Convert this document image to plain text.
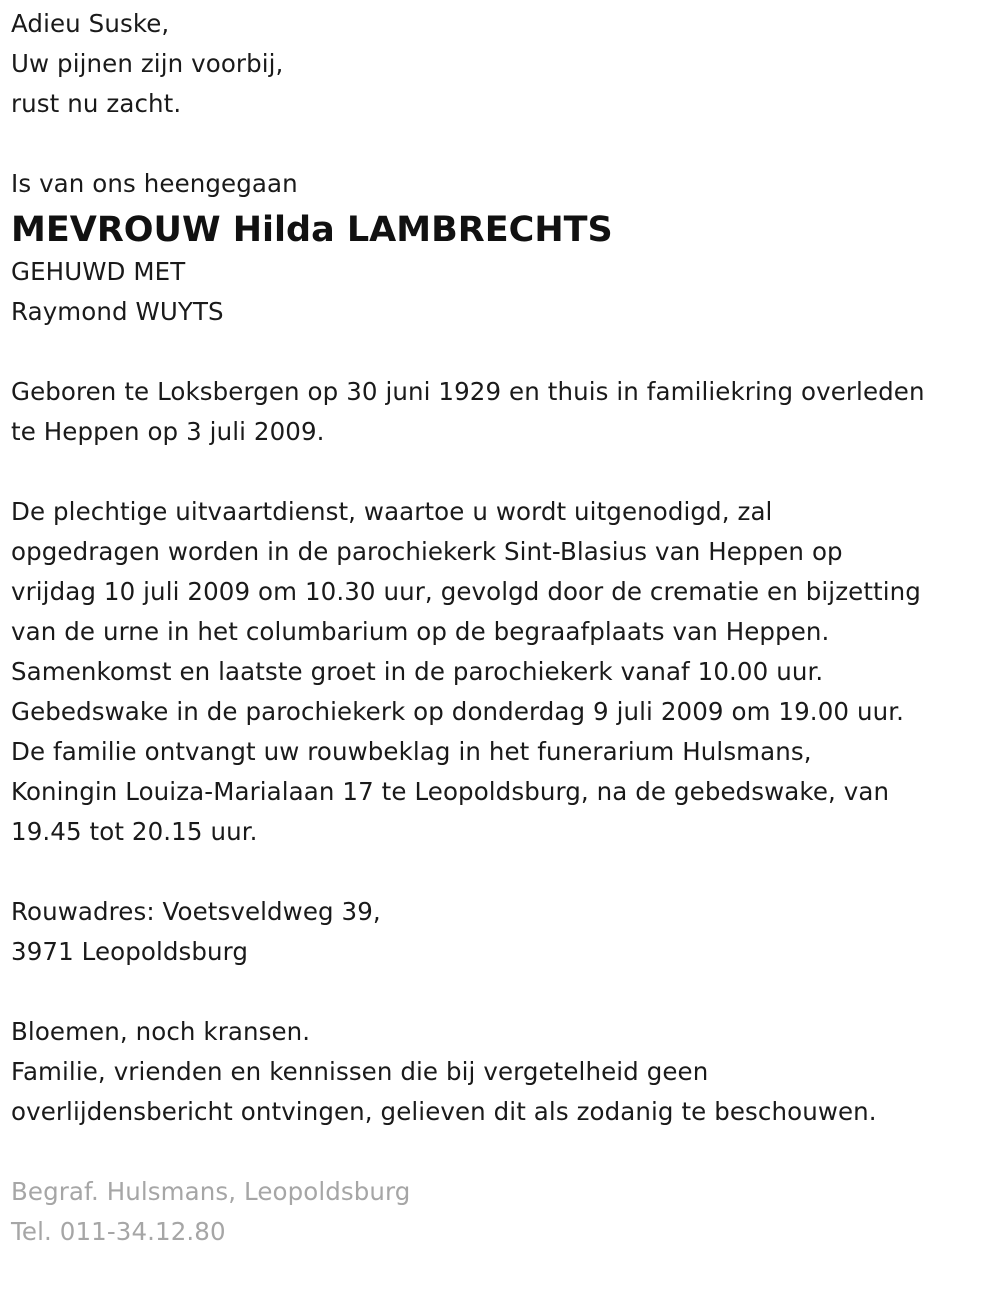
Adieu Suske,
Uw pijnen zijn voorbij,
rust nu zacht.
Is van ons heengegaan
MEVROUW Hilda LAMBRECHTS
GEHUWD MET
Raymond WUYTS
Geboren te Loksbergen op 30 juni 1929 en thuis in familiekring overleden
te Heppen op 3 juli 2009.
De plechtige uitvaartdienst, waartoe u wordt uitgenodigd, zal
opgedragen worden in de parochiekerk Sint-Blasius van Heppen op
vrijdag 10 juli 2009 om 10.30 uur, gevolgd door de crematie en bijzetting
van de urne in het columbarium op de begraafplaats van Heppen.
Samenkomst en laatste groet in de parochiekerk vanaf 10.00 uur.
Gebedswake in de parochiekerk op donderdag 9 juli 2009 om 19.00 uur.
De familie ontvangt uw rouwbeklag in het funerarium Hulsmans,
Koningin Louiza-Marialaan 17 te Leopoldsburg, na de gebedswake, van
19.45 tot 20.15 uur.
Rouwadres: Voetsveldweg 39,
3971 Leopoldsburg
Bloemen, noch kransen.
Familie, vrienden en kennissen die bij vergetelheid geen
overlijdensbericht ontvingen, gelieven dit als zodanig te beschouwen.
Begraf. Hulsmans, Leopoldsburg
Tel. 011-34.12.80
